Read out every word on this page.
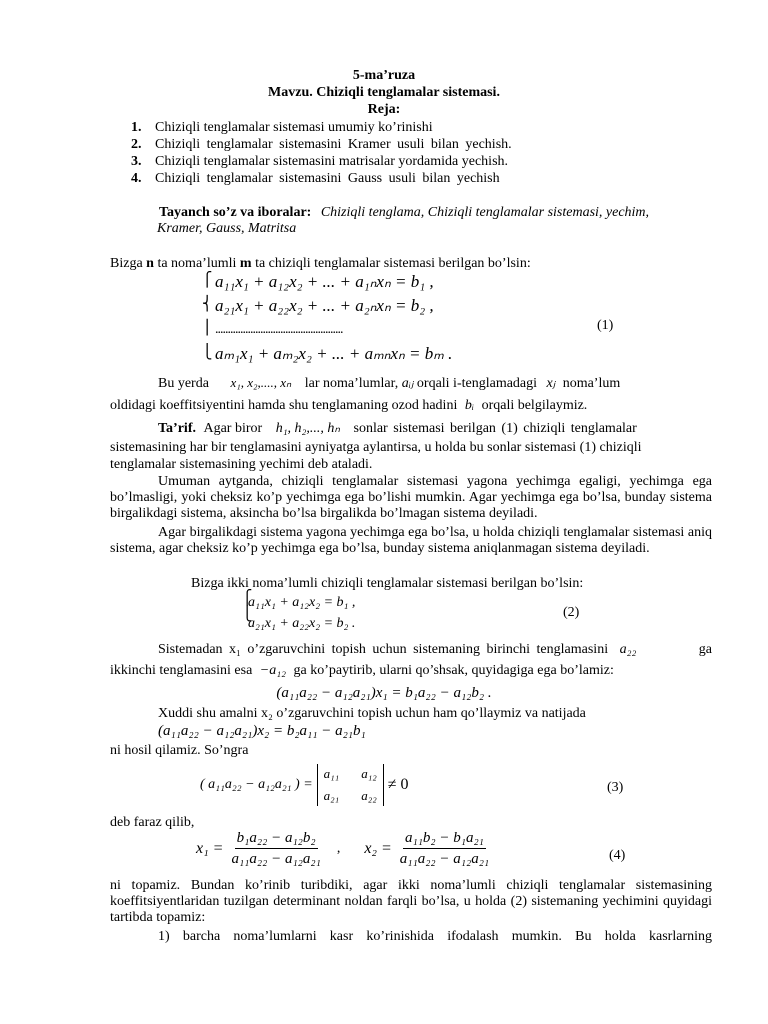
5-ma’ruza
Mavzu. Chiziqli tenglamalar sistemasi.
Reja:
1. Chiziqli tenglamalar sistemasi umumiy ko’rinishi
2. Chiziqli tenglamalar sistemasini Kramer usuli bilan yechish.
3. Chiziqli tenglamalar sistemasini matrisalar yordamida yechish.
4. Chiziqli tenglamalar sistemasini Gauss usuli bilan yechish
Tayanch so’z va iboralar: Chiziqli tenglama, Chiziqli tenglamalar sistemasi, yechim,
Kramer, Gauss, Matritsa
Bizga n ta noma’lumli m ta chiziqli tenglamalar sistemasi berilgan bo’lsin:
⎧
⎨
⎪
⎩
a₁₁x₁ + a₁₂x₂ + ... + a₁ₙxₙ = b₁ ,
a₂₁x₁ + a₂₂x₂ + ... + a₂ₙxₙ = b₂ ,
...................................................
aₘ₁x₁ + aₘ₂x₂ + ... + aₘₙxₙ = bₘ .
(1)
Bu yerda x₁, x₂,...., xₙ lar noma’lumlar, aᵢⱼ orqali i-tenglamadagi xⱼ noma’lum
oldidagi koeffitsiyentini hamda shu tenglamaning ozod hadini bᵢ orqali belgilaymiz.
Ta’rif. Agar biror h₁, h₂,..., hₙ sonlar sistemasi berilgan (1) chiziqli tenglamalar
sistemasining har bir tenglamasini ayniyatga aylantirsa, u holda bu sonlar sistemasi (1) chiziqli
tenglamalar sistemasining yechimi deb ataladi.
Umuman aytganda, chiziqli tenglamalar sistemasi yagona yechimga egaligi, yechimga ega bo’lmasligi, yoki cheksiz ko’p yechimga ega bo’lishi mumkin. Agar yechimga ega bo’lsa, bunday sistema birgalikdagi sistema, aksincha bo’lsa birgalikda bo’lmagan sistema deyiladi.
Agar birgalikdagi sistema yagona yechimga ega bo’lsa, u holda chiziqli tenglamalar sistemasi aniq sistema, agar cheksiz ko’p yechimga ega bo’lsa, bunday sistema aniqlanmagan sistema deyiladi.
Bizga ikki noma’lumli chiziqli tenglamalar sistemasi berilgan bo’lsin:
⎧
⎩
a₁₁x₁ + a₁₂x₂ = b₁ ,
a₂₁x₁ + a₂₂x₂ = b₂ .
(2)
Sistemadan x₁ o’zgaruvchini topish uchun sistemaning birinchi tenglamasini a₂₂	ga
ikkinchi tenglamasini esa −a₁₂ ga ko’paytirib, ularni qo’shsak, quyidagiga ega bo’lamiz:
(a₁₁a₂₂ − a₁₂a₂₁)x₁ = b₁a₂₂ − a₁₂b₂ .
Xuddi shu amalni x₂ o’zgaruvchini topish uchun ham qo’llaymiz va natijada
(a₁₁a₂₂ − a₁₂a₂₁)x₂ = b₂a₁₁ − a₂₁b₁
ni hosil qilamiz. So’ngra
( a₁₁a₂₂ − a₁₂a₂₁ ) =
a₁₁ a₁₂
a₂₁ a₂₂
≠ 0	(3)
deb faraz qilib,
$x_1 = \frac{\text{b₁a₂₂ − a₁₂b₂}}{\text{a₁₁a₂₂ − a₁₂a₂₁}}$ , $x_2 = \frac{\text{a₁₁b₂ − b₁a₂₁}}{\text{a₁₁a₂₂ − a₁₂a₂₁}}$	(4)
ni topamiz. Bundan ko’rinib turibdiki, agar ikki noma’lumli chiziqli tenglamalar sistemasining koeffitsiyentlaridan tuzilgan determinant noldan farqli bo’lsa, u holda (2) sistemaning yechimini quyidagi tartibda topamiz:
1) barcha noma’lumlarni kasr ko’rinishida ifodalash mumkin. Bu holda kasrlarning
